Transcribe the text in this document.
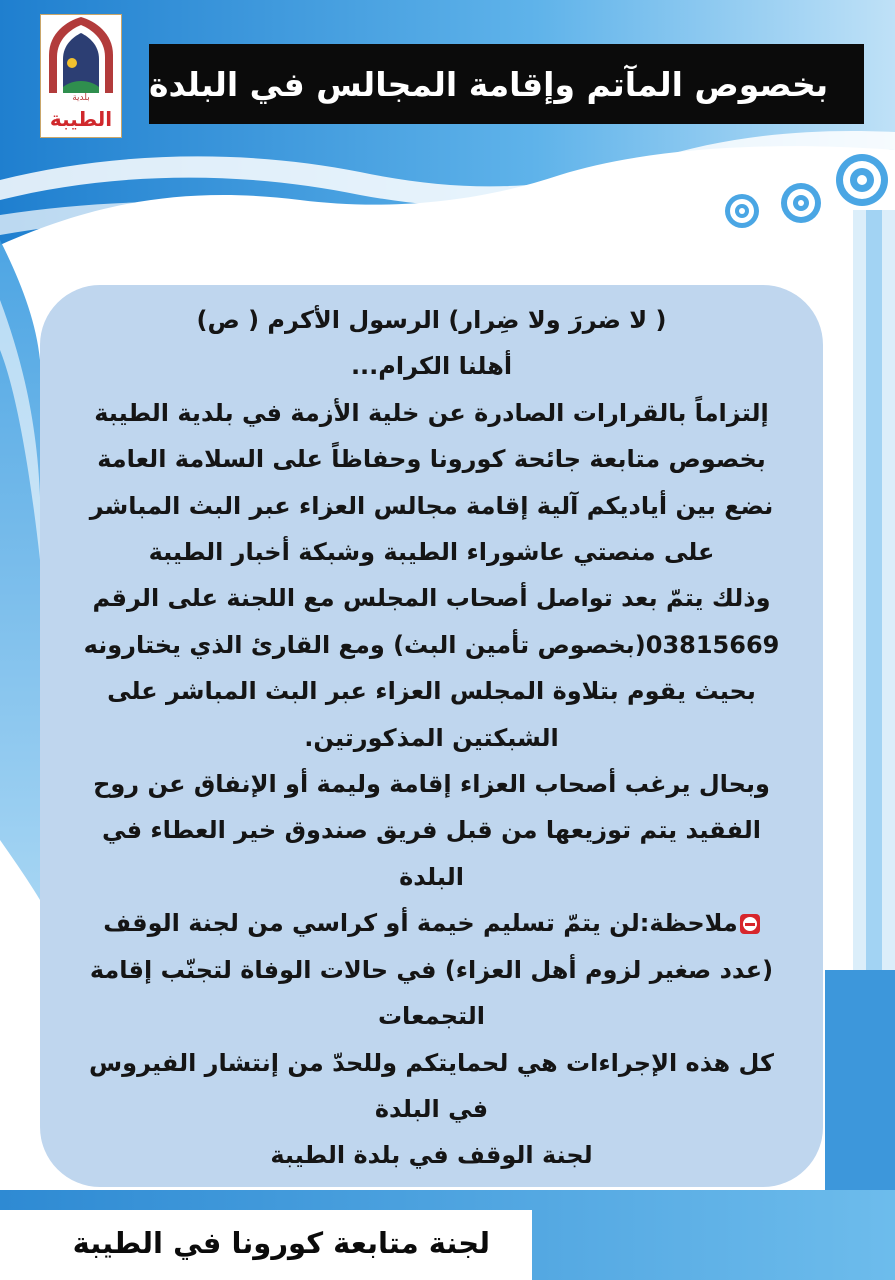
بلدية
الطيبة
بخصوص المآتم وإقامة المجالس في البلدة

( لا ضررَ ولا ضِرار) الرسول الأكرم ( ص)

أهلنا الكرام...

إلتزاماً بالقرارات الصادرة عن خلية الأزمة في بلدية الطيبة

بخصوص متابعة جائحة كورونا وحفاظاً على السلامة العامة

نضع بين أياديكم آلية إقامة مجالس العزاء عبر البث المباشر

على منصتي عاشوراء الطيبة وشبكة أخبار الطيبة

وذلك يتمّ بعد تواصل أصحاب المجلس مع اللجنة على الرقم

03815669(بخصوص تأمين البث) ومع القارئ الذي يختارونه

بحيث يقوم بتلاوة المجلس العزاء عبر البث المباشر على

الشبكتين المذكورتين.

وبحال يرغب أصحاب العزاء إقامة وليمة أو الإنفاق عن روح

الفقيد يتم توزيعها من قبل فريق صندوق خير العطاء في

البلدة

ملاحظة:لن يتمّ تسليم خيمة أو كراسي من لجنة الوقف

(عدد صغير لزوم أهل العزاء) في حالات الوفاة لتجنّب إقامة

التجمعات

كل هذه الإجراءات هي لحمايتكم وللحدّ من إنتشار الفيروس

في البلدة

لجنة الوقف في بلدة الطيبة

لجنة متابعة كورونا في الطيبة
